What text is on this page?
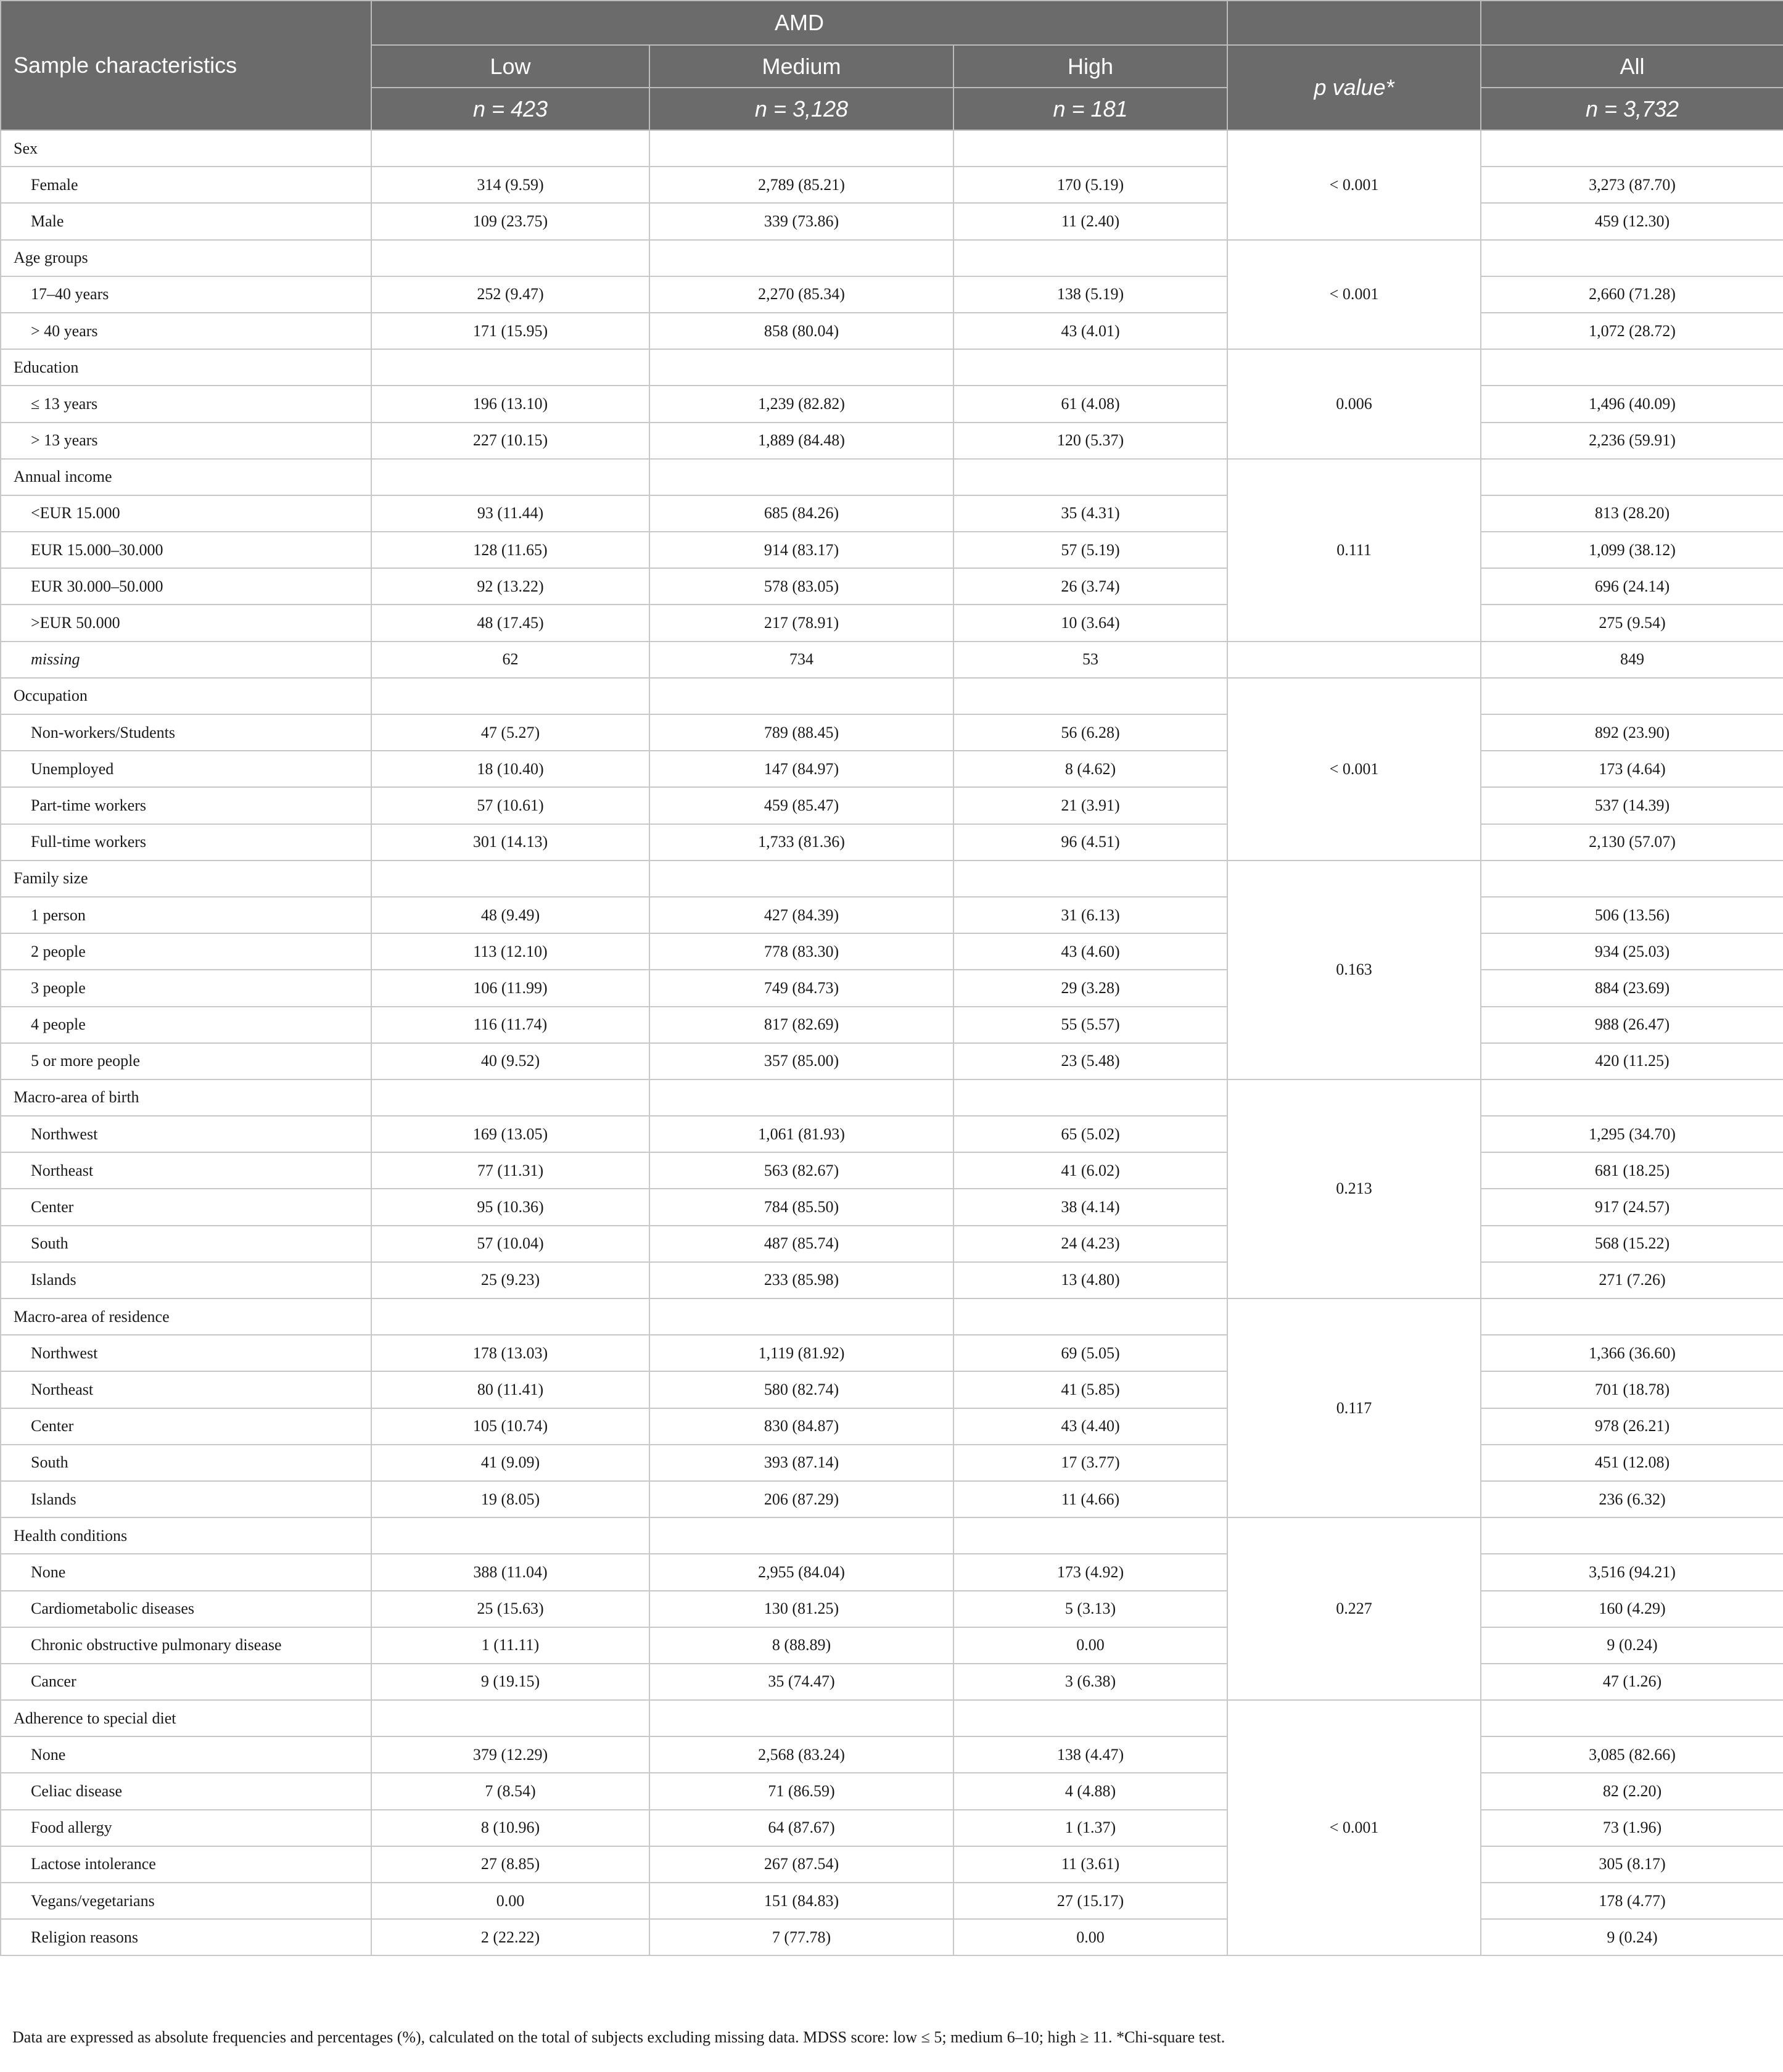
Sample characteristics	AMD				
	Low	Medium	High	p value*	All
	n = 423	n = 3,128	n = 181		n = 3,732
Sex				< 0.001	
Female	314 (9.59)	2,789 (85.21)	170 (5.19)		3,273 (87.70)
Male	109 (23.75)	339 (73.86)	11 (2.40)		459 (12.30)
Age groups				< 0.001	
17–40 years	252 (9.47)	2,270 (85.34)	138 (5.19)		2,660 (71.28)
> 40 years	171 (15.95)	858 (80.04)	43 (4.01)		1,072 (28.72)
Education				0.006	
≤ 13 years	196 (13.10)	1,239 (82.82)	61 (4.08)		1,496 (40.09)
> 13 years	227 (10.15)	1,889 (84.48)	120 (5.37)		2,236 (59.91)
Annual income				0.111	
<EUR 15.000	93 (11.44)	685 (84.26)	35 (4.31)		813 (28.20)
EUR 15.000–30.000	128 (11.65)	914 (83.17)	57 (5.19)		1,099 (38.12)
EUR 30.000–50.000	92 (13.22)	578 (83.05)	26 (3.74)		696 (24.14)
>EUR 50.000	48 (17.45)	217 (78.91)	10 (3.64)		275 (9.54)
missing	62	734	53		849
Occupation				< 0.001	
Non-workers/Students	47 (5.27)	789 (88.45)	56 (6.28)		892 (23.90)
Unemployed	18 (10.40)	147 (84.97)	8 (4.62)		173 (4.64)
Part-time workers	57 (10.61)	459 (85.47)	21 (3.91)		537 (14.39)
Full-time workers	301 (14.13)	1,733 (81.36)	96 (4.51)		2,130 (57.07)
Family size				0.163	
1 person	48 (9.49)	427 (84.39)	31 (6.13)		506 (13.56)
2 people	113 (12.10)	778 (83.30)	43 (4.60)		934 (25.03)
3 people	106 (11.99)	749 (84.73)	29 (3.28)		884 (23.69)
4 people	116 (11.74)	817 (82.69)	55 (5.57)		988 (26.47)
5 or more people	40 (9.52)	357 (85.00)	23 (5.48)		420 (11.25)
Macro-area of birth				0.213	
Northwest	169 (13.05)	1,061 (81.93)	65 (5.02)		1,295 (34.70)
Northeast	77 (11.31)	563 (82.67)	41 (6.02)		681 (18.25)
Center	95 (10.36)	784 (85.50)	38 (4.14)		917 (24.57)
South	57 (10.04)	487 (85.74)	24 (4.23)		568 (15.22)
Islands	25 (9.23)	233 (85.98)	13 (4.80)		271 (7.26)
Macro-area of residence				0.117	
Northwest	178 (13.03)	1,119 (81.92)	69 (5.05)		1,366 (36.60)
Northeast	80 (11.41)	580 (82.74)	41 (5.85)		701 (18.78)
Center	105 (10.74)	830 (84.87)	43 (4.40)		978 (26.21)
South	41 (9.09)	393 (87.14)	17 (3.77)		451 (12.08)
Islands	19 (8.05)	206 (87.29)	11 (4.66)		236 (6.32)
Health conditions				0.227	
None	388 (11.04)	2,955 (84.04)	173 (4.92)		3,516 (94.21)
Cardiometabolic diseases	25 (15.63)	130 (81.25)	5 (3.13)		160 (4.29)
Chronic obstructive pulmonary disease	1 (11.11)	8 (88.89)	0.00		9 (0.24)
Cancer	9 (19.15)	35 (74.47)	3 (6.38)		47 (1.26)
Adherence to special diet				< 0.001	
None	379 (12.29)	2,568 (83.24)	138 (4.47)		3,085 (82.66)
Celiac disease	7 (8.54)	71 (86.59)	4 (4.88)		82 (2.20)
Food allergy	8 (10.96)	64 (87.67)	1 (1.37)		73 (1.96)
Lactose intolerance	27 (8.85)	267 (87.54)	11 (3.61)		305 (8.17)
Vegans/vegetarians	0.00	151 (84.83)	27 (15.17)		178 (4.77)
Religion reasons	2 (22.22)	7 (77.78)	0.00		9 (0.24)
Data are expressed as absolute frequencies and percentages (%), calculated on the total of subjects excluding missing data. MDSS score: low ≤ 5; medium 6–10; high ≥ 11. *Chi-square test.
